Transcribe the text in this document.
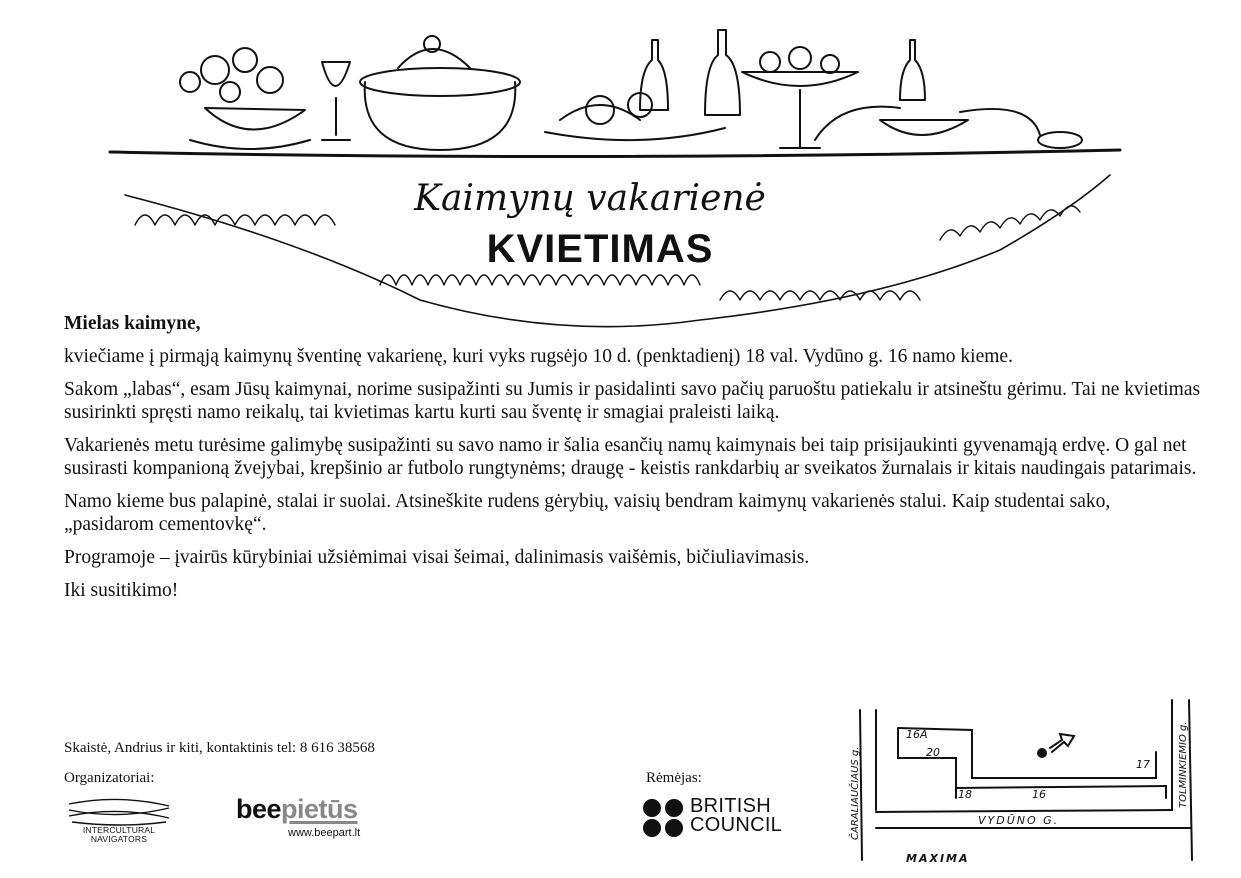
Kaimynų vakarienė
KVIETIMAS

Mielas kaimyne,

kviečiame į pirmąją kaimynų šventinę vakarienę, kuri vyks rugsėjo 10 d. (penktadienį) 18 val. Vydūno g. 16 namo kieme.

Sakom „labas“, esam Jūsų kaimynai, norime susipažinti su Jumis ir pasidalinti savo pačių paruoštu patiekalu ir atsineštu gėrimu. Tai ne kvietimas susirinkti spręsti namo reikalų, tai kvietimas kartu kurti sau šventę ir smagiai praleisti laiką.

Vakarienės metu turėsime galimybę susipažinti su savo namo ir šalia esančių namų kaimynais bei taip prisijaukinti gyvenamąją erdvę. O gal net susirasti kompanioną žvejybai, krepšinio ar futbolo rungtynėms; draugę - keistis rankdarbių ar sveikatos žurnalais ir kitais naudingais patarimais.

Namo kieme bus palapinė, stalai ir suolai. Atsineškite rudens gėrybių, vaisių bendram kaimynų vakarienės stalui. Kaip studentai sako, „pasidarom cementovkę“.

Programoje – įvairūs kūrybiniai užsiėmimai visai šeimai, dalinimasis vaišėmis, bičiuliavimasis.

Iki susitikimo!

Skaistė, Andrius ir kiti, kontaktinis tel: 8 616 38568
Organizatoriai:
INTERCULTURAL
NAVIGATORS
beepietūs
www.beepart.lt
Rėmėjas:
BRITISH
COUNCIL
16A
20
18	16
17
VYDŪNO G.
MAXIMA
ČARALIAUČIAUS g.	TOLMINKIEMIO g.
